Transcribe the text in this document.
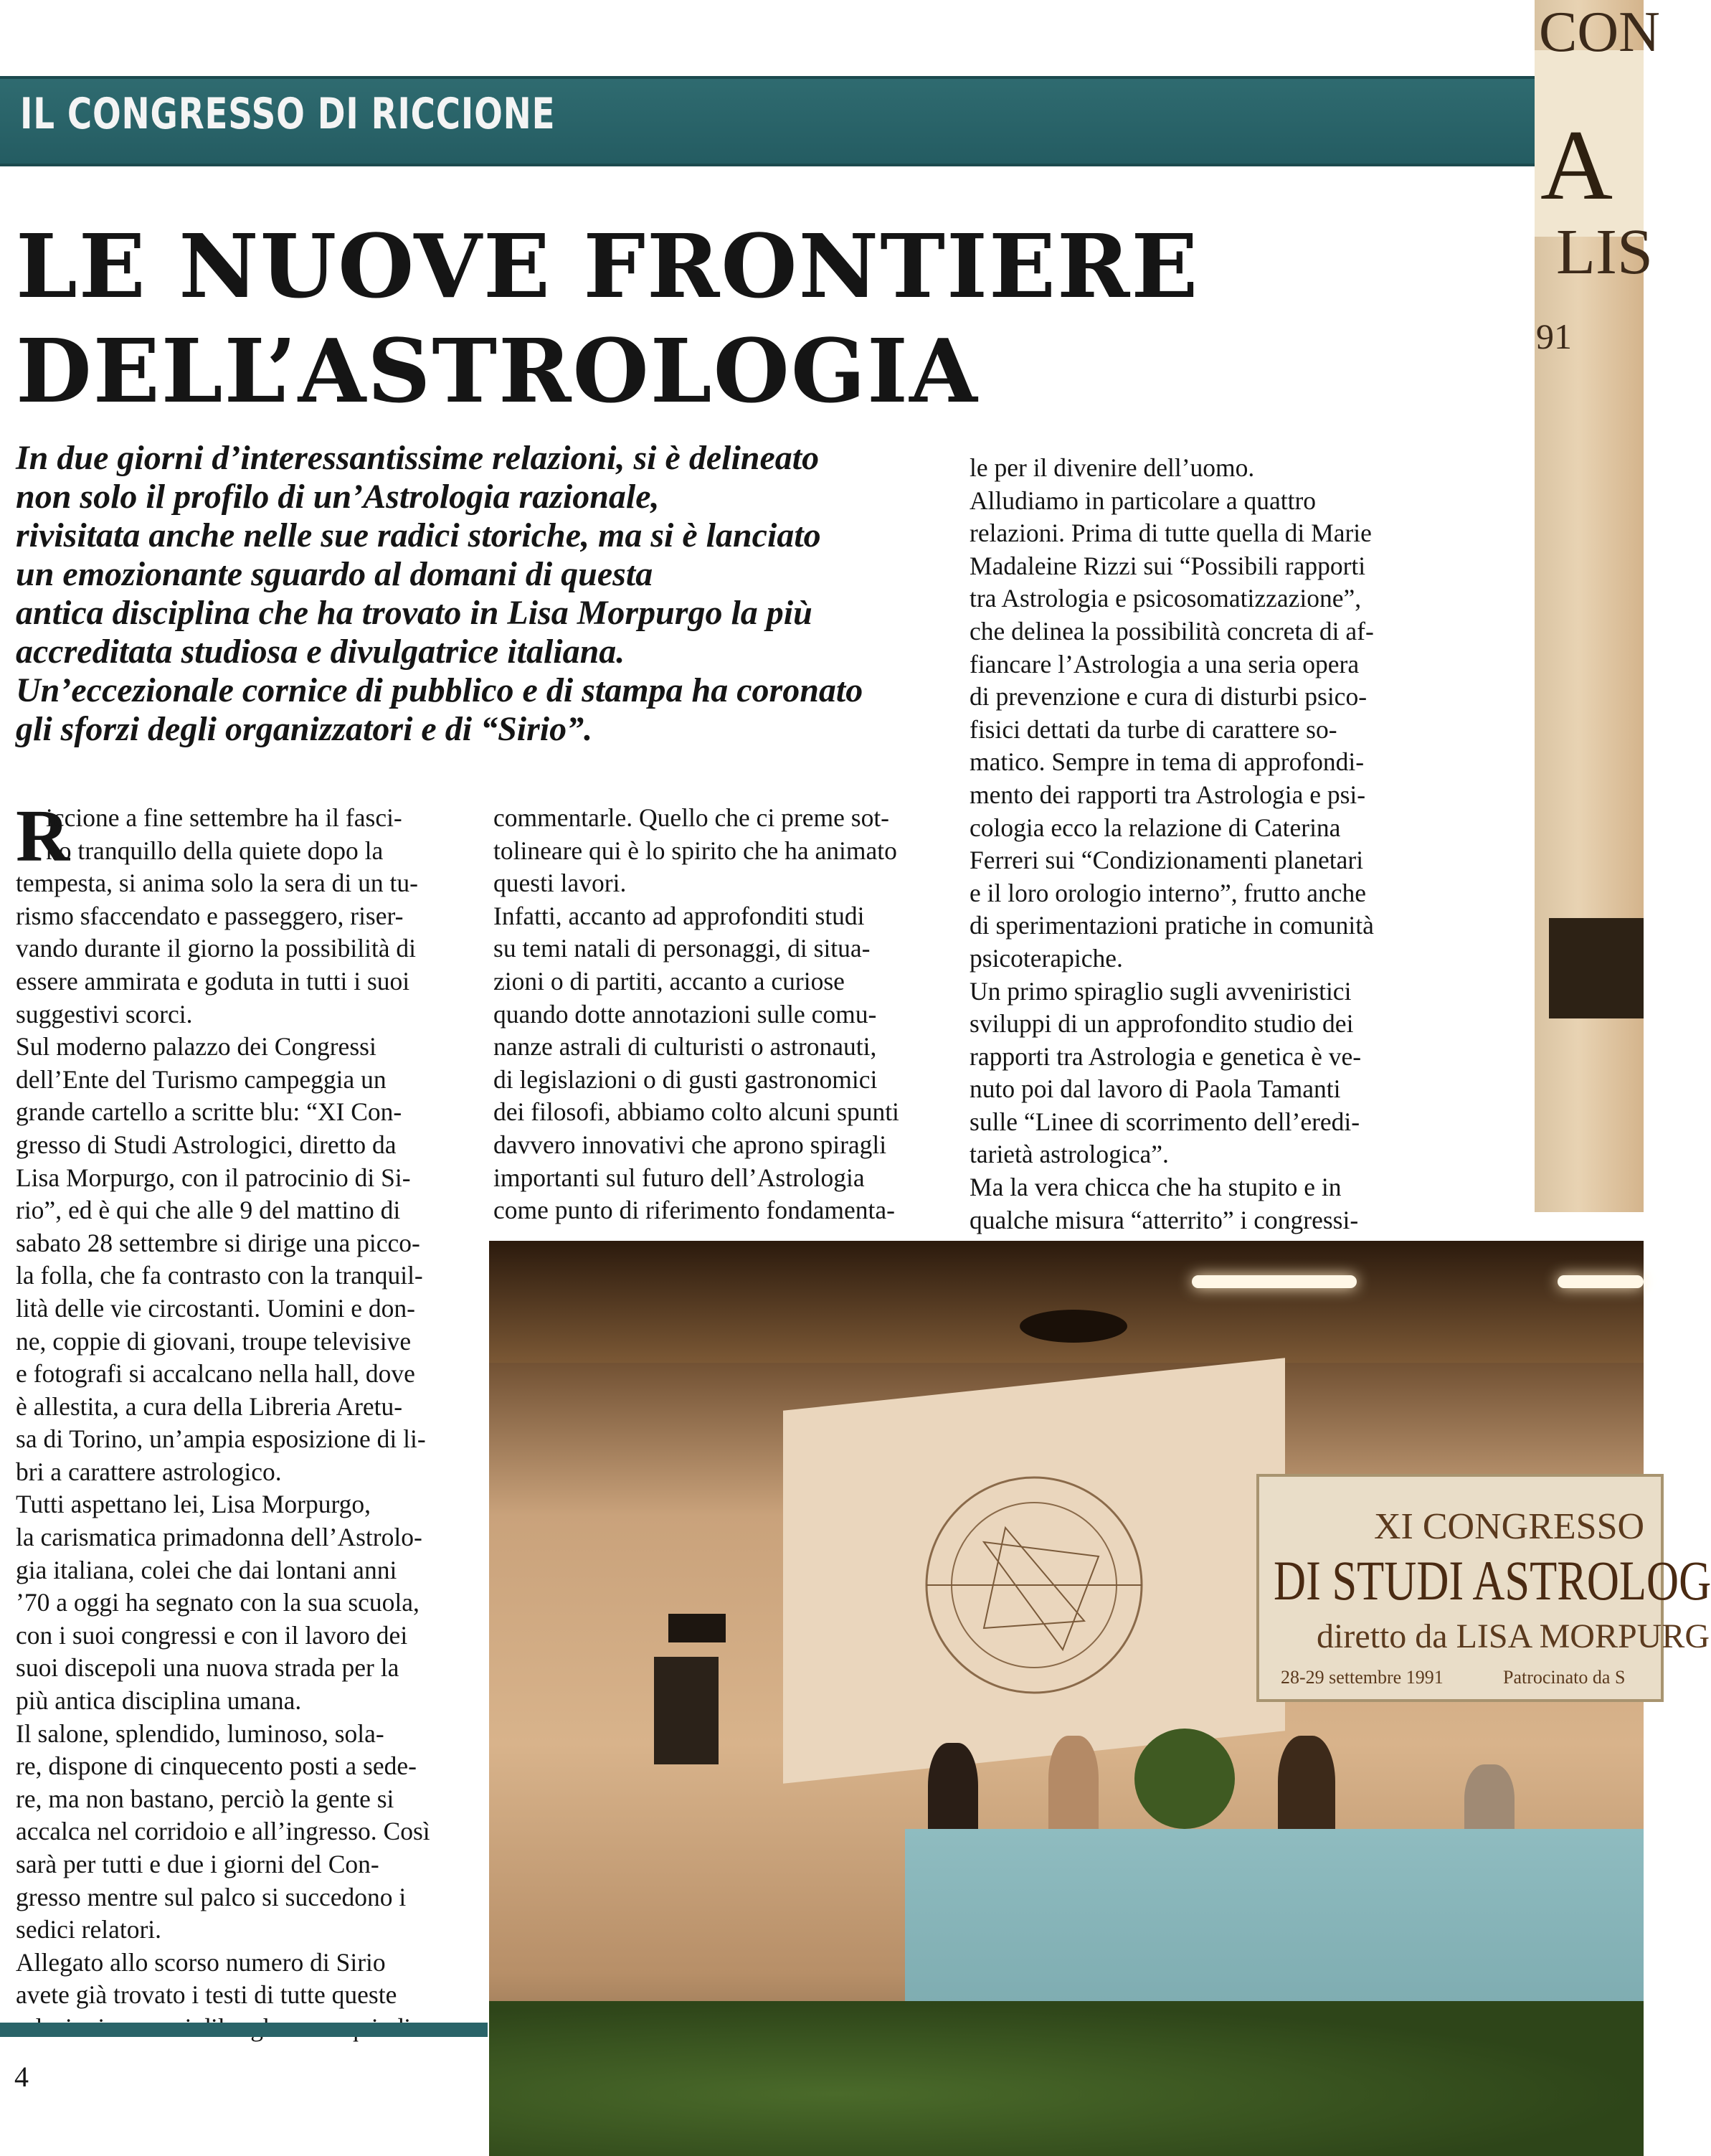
IL CONGRESSO DI RICCIONE
CON
A
LIS
91
LE NUOVE FRONTIERE
DELL’ASTROLOGIA
In due giorni d’interessantissime relazioni, si è delineato
non solo il profilo di un’Astrologia razionale,
rivisitata anche nelle sue radici storiche, ma si è lanciato
un emozionante sguardo al domani di questa
antica disciplina che ha trovato in Lisa Morpurgo la più
accreditata studiosa e divulgatrice italiana.
Un’eccezionale cornice di pubblico e di stampa ha coronato
gli sforzi degli organizzatori e di “Sirio”.
R
iccione a fine settembre ha il fasci-
no tranquillo della quiete dopo la
tempesta, si anima solo la sera di un tu-
rismo sfaccendato e passeggero, riser-
vando durante il giorno la possibilità di
essere ammirata e goduta in tutti i suoi
suggestivi scorci.
Sul moderno palazzo dei Congressi
dell’Ente del Turismo campeggia un
grande cartello a scritte blu: “XI Con-
gresso di Studi Astrologici, diretto da
Lisa Morpurgo, con il patrocinio di Si-
rio”, ed è qui che alle 9 del mattino di
sabato 28 settembre si dirige una picco-
la folla, che fa contrasto con la tranquil-
lità delle vie circostanti. Uomini e don-
ne, coppie di giovani, troupe televisive
e fotografi si accalcano nella hall, dove
è allestita, a cura della Libreria Aretu-
sa di Torino, un’ampia esposizione di li-
bri a carattere astrologico.
Tutti aspettano lei, Lisa Morpurgo,
la carismatica primadonna dell’Astrolo-
gia italiana, colei che dai lontani anni
’70 a oggi ha segnato con la sua scuola,
con i suoi congressi e con il lavoro dei
suoi discepoli una nuova strada per la
più antica disciplina umana.
Il salone, splendido, luminoso, sola-
re, dispone di cinquecento posti a sede-
re, ma non bastano, perciò la gente si
accalca nel corridoio e all’ingresso. Così
sarà per tutti e due i giorni del Con-
gresso mentre sul palco si succedono i
sedici relatori.
Allegato allo scorso numero di Sirio
avete già trovato i testi di tutte queste
commentarle. Quello che ci preme sot-
tolineare qui è lo spirito che ha animato
questi lavori.
Infatti, accanto ad approfonditi studi
su temi natali di personaggi, di situa-
zioni o di partiti, accanto a curiose
quando dotte annotazioni sulle comu-
nanze astrali di culturisti o astronauti,
di legislazioni o di gusti gastronomici
dei filosofi, abbiamo colto alcuni spunti
davvero innovativi che aprono spiragli
importanti sul futuro dell’Astrologia
come punto di riferimento fondamenta-
le per il divenire dell’uomo.
Alludiamo in particolare a quattro
relazioni. Prima di tutte quella di Marie
Madaleine Rizzi sui “Possibili rapporti
tra Astrologia e psicosomatizzazione”,
che delinea la possibilità concreta di af-
fiancare l’Astrologia a una seria opera
di prevenzione e cura di disturbi psico-
fisici dettati da turbe di carattere so-
matico. Sempre in tema di approfondi-
mento dei rapporti tra Astrologia e psi-
cologia ecco la relazione di Caterina
Ferreri sui “Condizionamenti planetari
e il loro orologio interno”, frutto anche
di sperimentazioni pratiche in comunità
psicoterapiche.
Un primo spiraglio sugli avveniristici
sviluppi di un approfondito studio dei
rapporti tra Astrologia e genetica è ve-
nuto poi dal lavoro di Paola Tamanti
sulle “Linee di scorrimento dell’eredi-
tarietà astrologica”.
Ma la vera chicca che ha stupito e in
qualche misura “atterrito” i congressi-
XI CONGRESSO
DI STUDI ASTROLOG
diretto da LISA MORPURG
28-29 settembre 1991	Patrocinato da S
4
